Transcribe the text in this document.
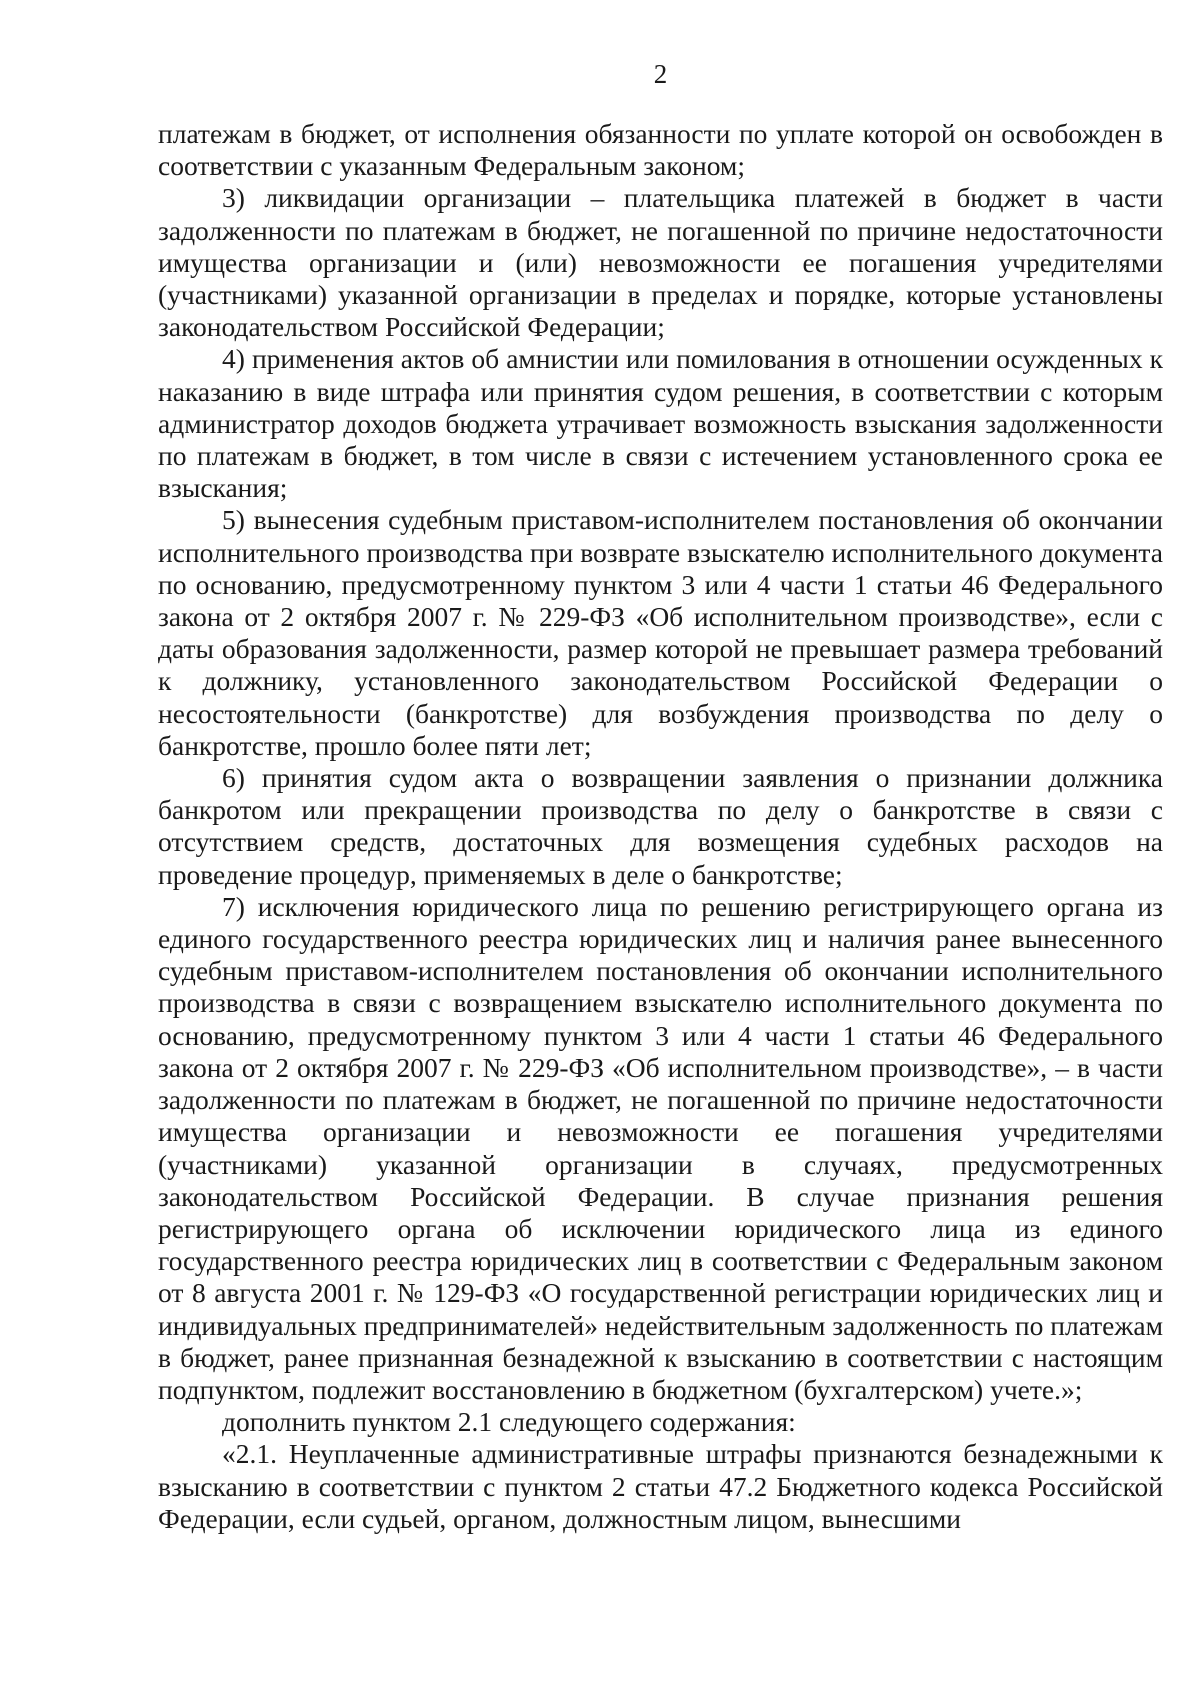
2

платежам в бюджет, от исполнения обязанности по уплате которой он освобожден в соответствии с указанным Федеральным законом;

3) ликвидации организации – плательщика платежей в бюджет в части задолженности по платежам в бюджет, не погашенной по причине недостаточности имущества организации и (или) невозможности ее погашения учредителями (участниками) указанной организации в пределах и порядке, которые установлены законодательством Российской Федерации;

4) применения актов об амнистии или помилования в отношении осужденных к наказанию в виде штрафа или принятия судом решения, в соответствии с которым администратор доходов бюджета утрачивает возможность взыскания задолженности по платежам в бюджет, в том числе в связи с истечением установленного срока ее взыскания;

5) вынесения судебным приставом-исполнителем постановления об окончании исполнительного производства при возврате взыскателю исполнительного документа по основанию, предусмотренному пунктом 3 или 4 части 1 статьи 46 Федерального закона от 2 октября 2007 г. № 229-ФЗ «Об исполнительном производстве», если с даты образования задолженности, размер которой не превышает размера требований к должнику, установленного законодательством Российской Федерации о несостоятельности (банкротстве) для возбуждения производства по делу о банкротстве, прошло более пяти лет;

6) принятия судом акта о возвращении заявления о признании должника банкротом или прекращении производства по делу о банкротстве в связи с отсутствием средств, достаточных для возмещения судебных расходов на проведение процедур, применяемых в деле о банкротстве;

7) исключения юридического лица по решению регистрирующего органа из единого государственного реестра юридических лиц и наличия ранее вынесенного судебным приставом-исполнителем постановления об окончании исполнительного производства в связи с возвращением взыскателю исполнительного документа по основанию, предусмотренному пунктом 3 или 4 части 1 статьи 46 Федерального закона от 2 октября 2007 г. № 229-ФЗ «Об исполнительном производстве», – в части задолженности по платежам в бюджет, не погашенной по причине недостаточности имущества организации и невозможности ее погашения учредителями (участниками) указанной организации в случаях, предусмотренных законодательством Российской Федерации. В случае признания решения регистрирующего органа об исключении юридического лица из единого государственного реестра юридических лиц в соответствии с Федеральным законом от 8 августа 2001 г. № 129-ФЗ «О государственной регистрации юридических лиц и индивидуальных предпринимателей» недействительным задолженность по платежам в бюджет, ранее признанная безнадежной к взысканию в соответствии с настоящим подпунктом, подлежит восстановлению в бюджетном (бухгалтерском) учете.»;

дополнить пунктом 2.1 следующего содержания:

«2.1. Неуплаченные административные штрафы признаются безнадежными к взысканию в соответствии с пунктом 2 статьи 47.2 Бюджетного кодекса Российской Федерации, если судьей, органом, должностным лицом, вынесшими
